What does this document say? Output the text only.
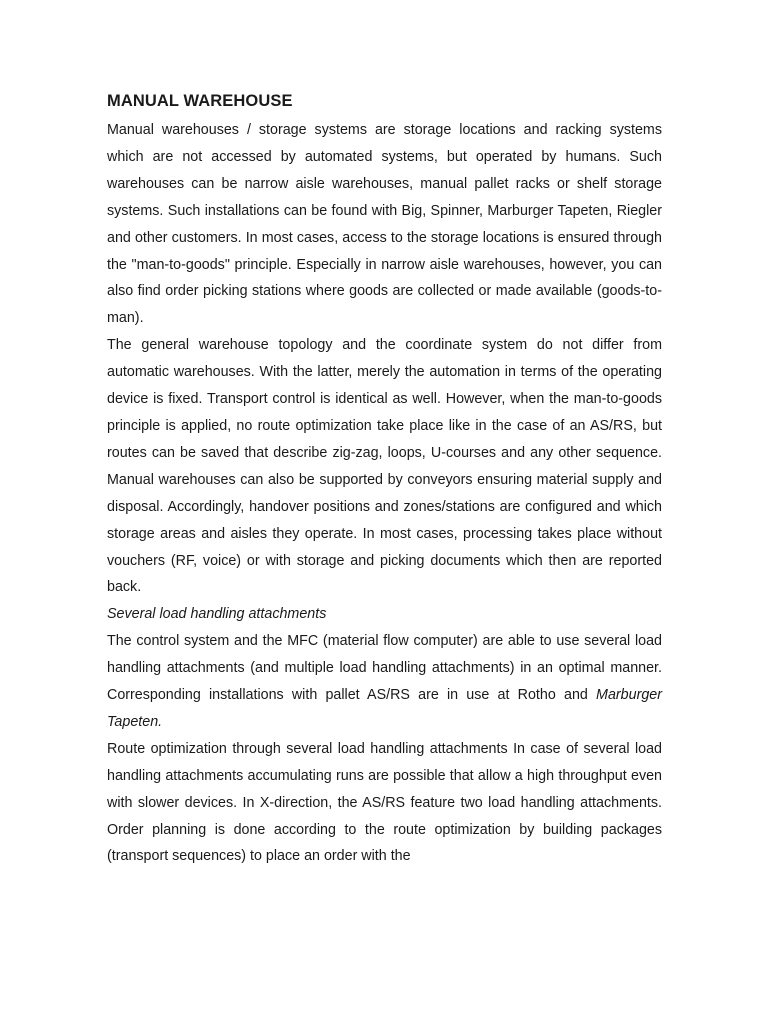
MANUAL WAREHOUSE

Manual warehouses / storage systems are storage locations and racking systems which are not accessed by automated systems, but operated by humans. Such warehouses can be narrow aisle warehouses, manual pallet racks or shelf storage systems. Such installations can be found with Big, Spinner, Marburger Tapeten, Riegler and other customers. In most cases, access to the storage locations is ensured through the "man-to-goods" principle. Especially in narrow aisle warehouses, however, you can also find order picking stations where goods are collected or made available (goods-to-man).

The general warehouse topology and the coordinate system do not differ from automatic warehouses. With the latter, merely the automation in terms of the operating device is fixed. Transport control is identical as well. However, when the man-to-goods principle is applied, no route optimization take place like in the case of an AS/RS, but routes can be saved that describe zig-zag, loops, U-courses and any other sequence. Manual warehouses can also be supported by conveyors ensuring material supply and disposal. Accordingly, handover positions and zones/stations are configured and which storage areas and aisles they operate. In most cases, processing takes place without vouchers (RF, voice) or with storage and picking documents which then are reported back.

Several load handling attachments

The control system and the MFC (material flow computer) are able to use several load handling attachments (and multiple load handling attachments) in an optimal manner. Corresponding installations with pallet AS/RS are in use at Rotho and Marburger Tapeten.

Route optimization through several load handling attachments In case of several load handling attachments accumulating runs are possible that allow a high throughput even with slower devices. In X-direction, the AS/RS feature two load handling attachments. Order planning is done according to the route optimization by building packages (transport sequences) to place an order with the
